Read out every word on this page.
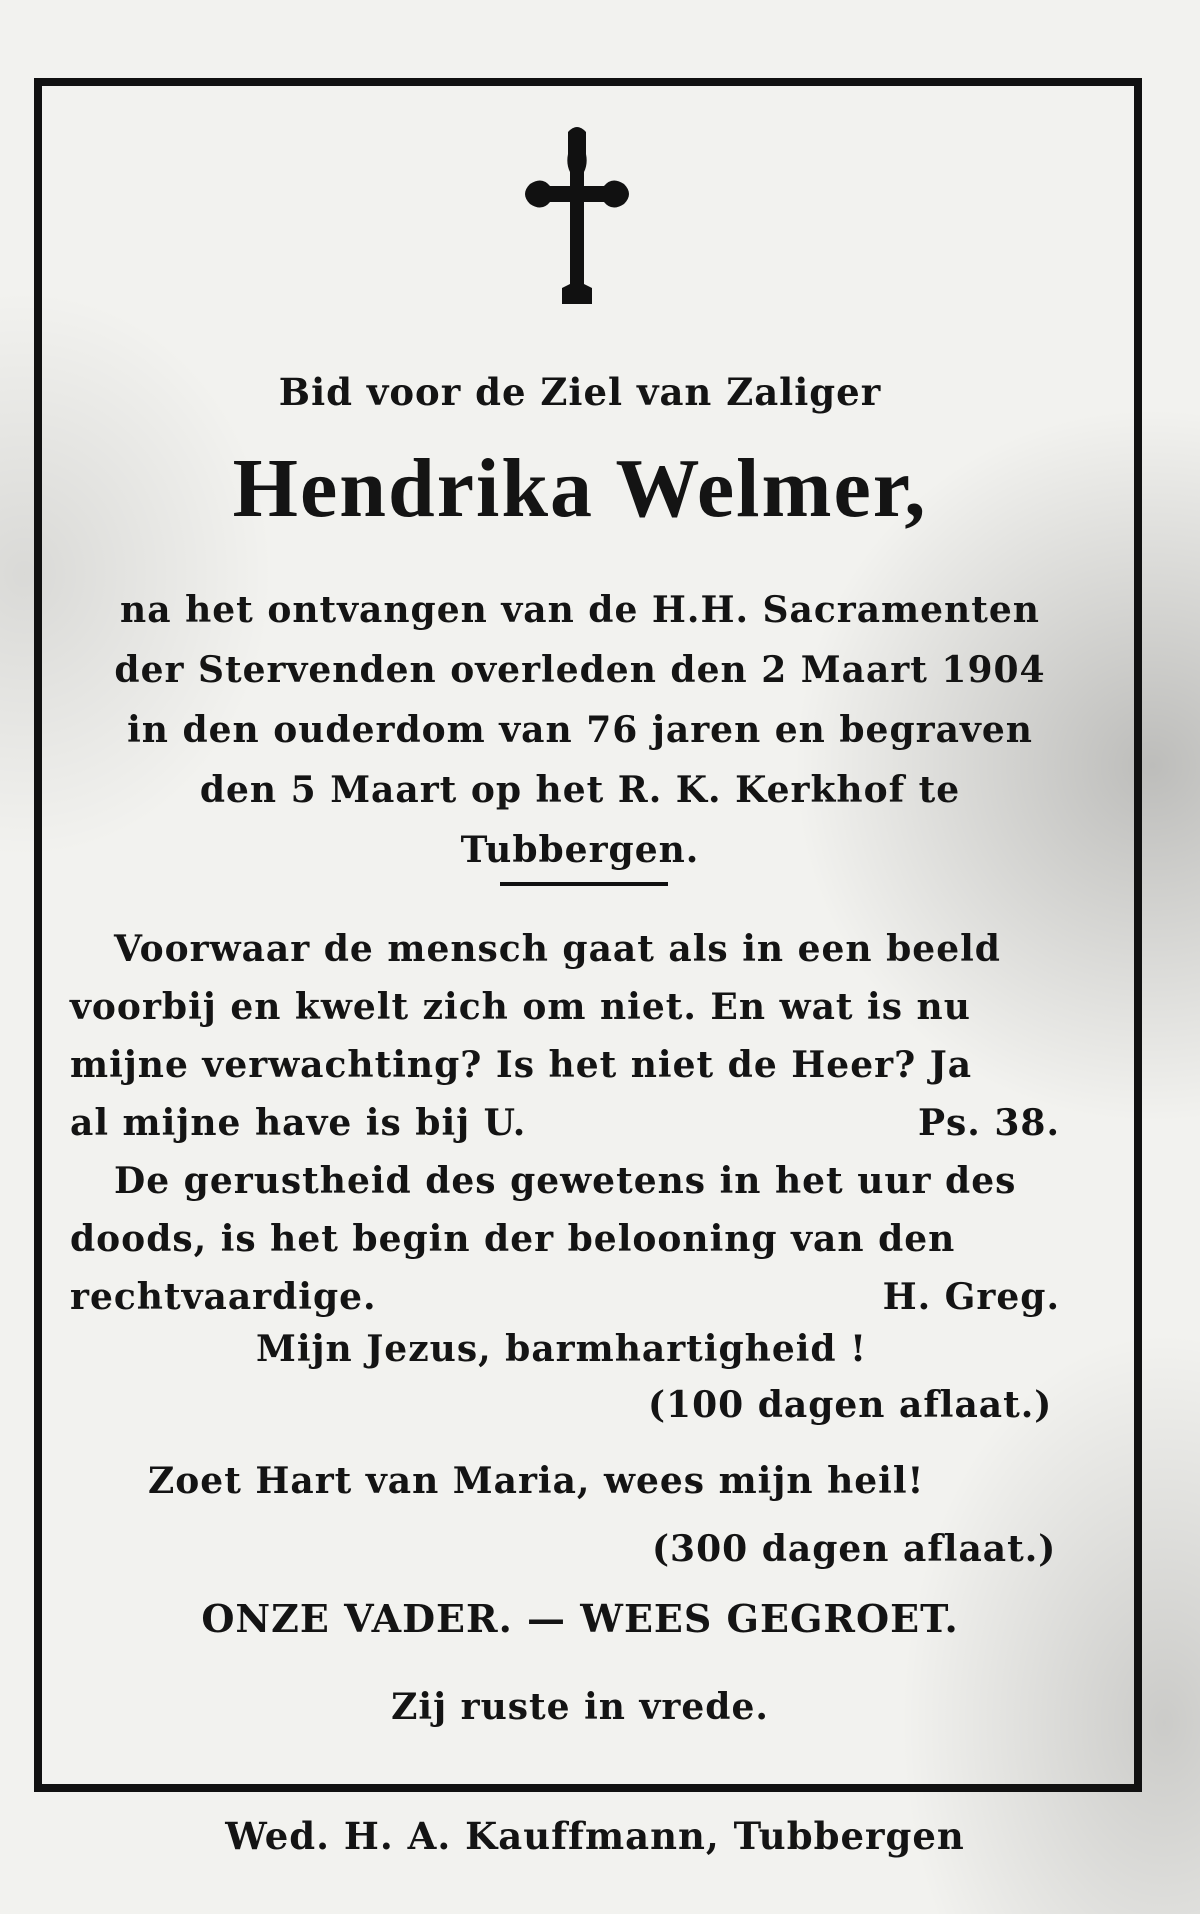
Bid voor de Ziel van Zaliger
Hendrika Welmer,
na het ontvangen van de H.H. Sacramenten
der Stervenden overleden den 2 Maart 1904
in den ouderdom van 76 jaren en begraven
den 5 Maart op het R. K. Kerkhof te
Tubbergen.
Voorwaar de mensch gaat als in een beeld
voorbij en kwelt zich om niet. En wat is nu
mijne verwachting? Is het niet de Heer? Ja
al mijne have is bij U.	Ps. 38.
De gerustheid des gewetens in het uur des
doods, is het begin der belooning van den
rechtvaardige.	H. Greg.
Mijn Jezus, barmhartigheid !
(100 dagen aflaat.)
Zoet Hart van Maria, wees mijn heil!
(300 dagen aflaat.)
ONZE VADER. — WEES GEGROET.
Zij ruste in vrede.
Wed. H. A. Kauffmann, Tubbergen
